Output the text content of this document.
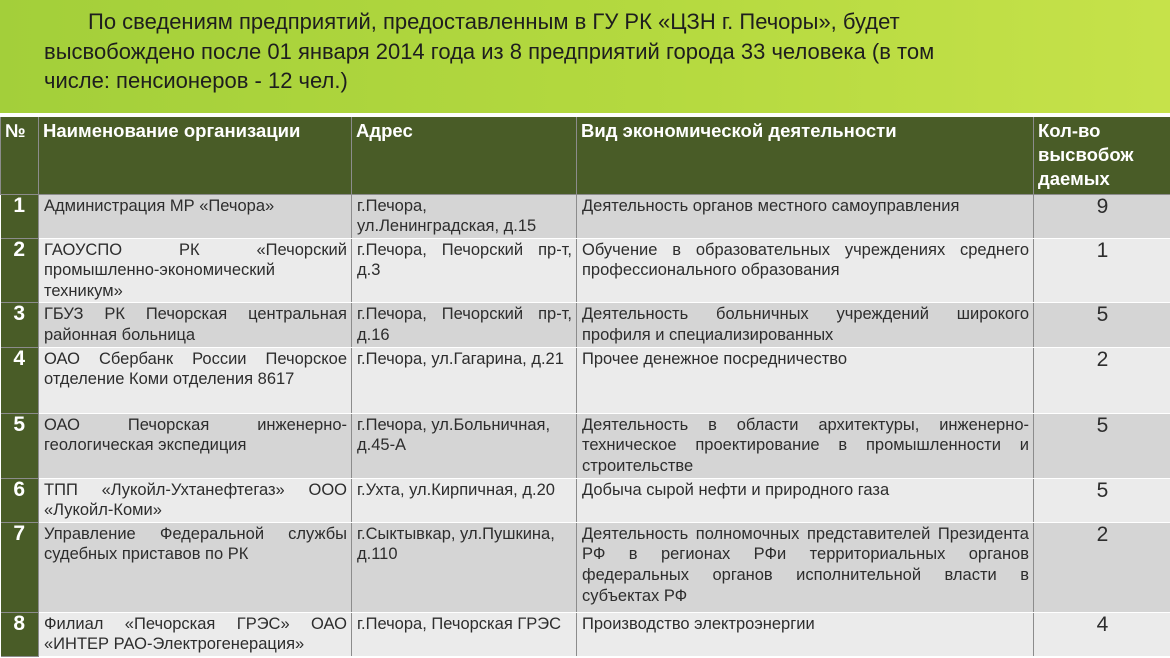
По сведениям предприятий, предоставленным в ГУ РК «ЦЗН г. Печоры», будет
высвобождено после 01 января 2014 года из 8 предприятий города 33 человека (в том
числе: пенсионеров - 12 чел.)

№	Наименование организации	Адрес	Вид экономической деятельности	Кол-во высвобож даемых
1	Администрация МР «Печора»	г.Печора, ул.Ленинградская, д.15	Деятельность органов местного самоуправления	9
2	ГАОУСПО РК «Печорский промышленно-экономический техникум»	г.Печора, Печорский пр-т, д.3	Обучение в образовательных учреждениях среднего профессионального образования	1
3	ГБУЗ РК Печорская центральная районная больница	г.Печора, Печорский пр-т, д.16	Деятельность больничных учреждений широкого профиля и специализированных	5
4	ОАО Сбербанк России Печорское отделение Коми отделения 8617	г.Печора, ул.Гагарина, д.21	Прочее денежное посредничество	2
5	ОАО Печорская инженерно-геологическая экспедиция	г.Печора, ул.Больничная, д.45-А	Деятельность в области архитектуры, инженерно-техническое проектирование в промышленности и строительстве	5
6	ТПП «Лукойл-Ухтанефтегаз» ООО «Лукойл-Коми»	г.Ухта, ул.Кирпичная, д.20	Добыча сырой нефти и природного газа	5
7	Управление Федеральной службы судебных приставов по РК	г.Сыктывкар, ул.Пушкина, д.110	Деятельность полномочных представителей Президента РФ в регионах РФи территориальных органов федеральных органов исполнительной власти в субъектах РФ	2
8	Филиал «Печорская ГРЭС» ОАО «ИНТЕР РАО-Электрогенерация»	г.Печора, Печорская ГРЭС	Производство электроэнергии	4
